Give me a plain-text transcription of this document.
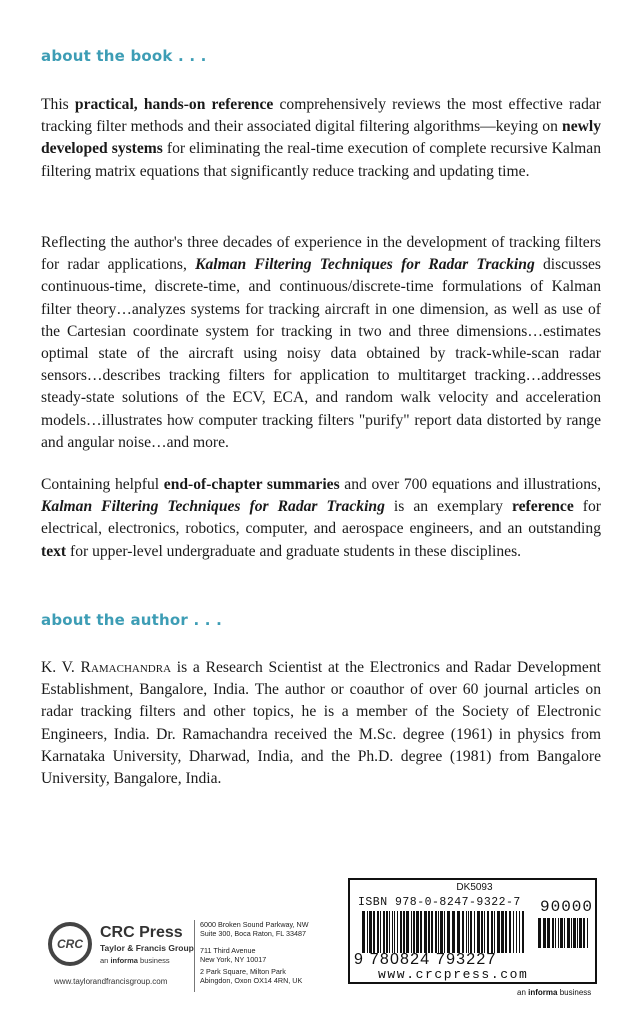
about the book . . .

This practical, hands-on reference comprehensively reviews the most effective radar tracking filter methods and their associated digital filtering algorithms—keying on newly developed systems for eliminating the real-time execution of complete recursive Kalman filtering matrix equations that significantly reduce tracking and updating time.

Reflecting the author's three decades of experience in the development of tracking filters for radar applications, Kalman Filtering Techniques for Radar Tracking discusses continuous-time, discrete-time, and continuous/discrete-time formulations of Kalman filter theory…analyzes systems for tracking aircraft in one dimension, as well as use of the Cartesian coordinate system for tracking in two and three dimensions…estimates optimal state of the aircraft using noisy data obtained by track-while-scan radar sensors…describes tracking filters for application to multitarget tracking…addresses steady-state solutions of the ECV, ECA, and random walk velocity and acceleration models…illustrates how computer tracking filters "purify" report data distorted by range and angular noise…and more.

Containing helpful end-of-chapter summaries and over 700 equations and illustrations, Kalman Filtering Techniques for Radar Tracking is an exemplary reference for electrical, electronics, robotics, computer, and aerospace engineers, and an outstanding text for upper-level undergraduate and graduate students in these disciplines.

about the author . . .

K. V. Ramachandra is a Research Scientist at the Electronics and Radar Development Establishment, Bangalore, India. The author or coauthor of over 60 journal articles on radar tracking filters and other topics, he is a member of the Society of Electronic Engineers, India. Dr. Ramachandra received the M.Sc. degree (1961) in physics from Karnataka University, Dharwad, India, and the Ph.D. degree (1981) from Bangalore University, Bangalore, India.

CRC
CRC Press
Taylor & Francis Group
an informa business
www.taylorandfrancisgroup.com
6000 Broken Sound Parkway, NW
Suite 300, Boca Raton, FL 33487
711 Third Avenue
New York, NY 10017
2 Park Square, Milton Park
Abingdon, Oxon OX14 4RN, UK
DK5093
ISBN 978-0-8247-9322-7 90000
9 780824 793227
www.crcpress.com
an informa business
